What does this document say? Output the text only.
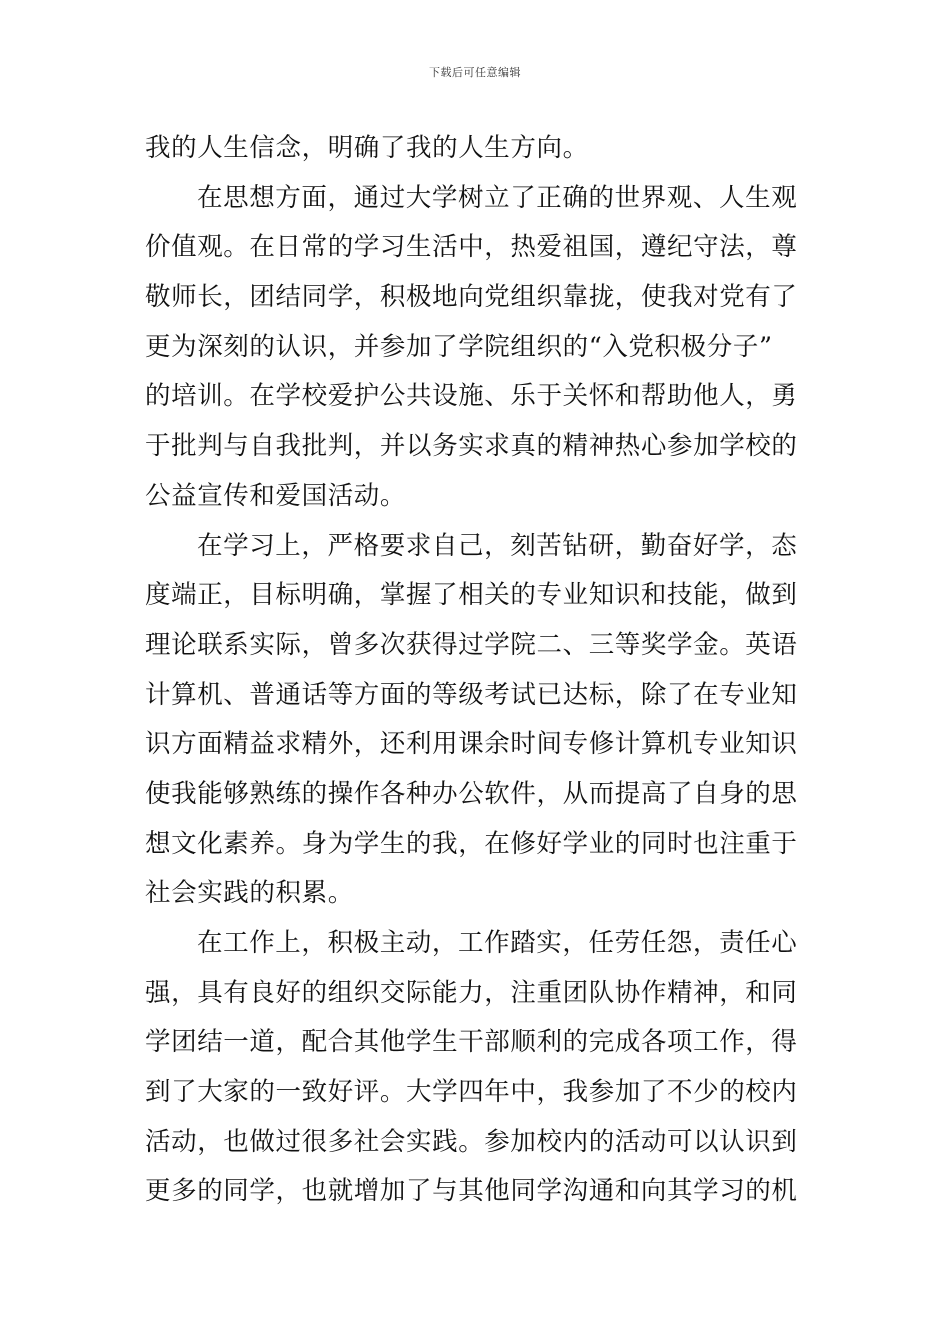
下载后可任意编辑
我的人生信念，明确了我的人生方向。
在思想方面，通过大学树立了正确的世界观、人生观
价值观。在日常的学习生活中，热爱祖国，遵纪守法，尊
敬师长，团结同学，积极地向党组织靠拢，使我对党有了
更为深刻的认识，并参加了学院组织的“入党积极分子”
的培训。在学校爱护公共设施、乐于关怀和帮助他人，勇
于批判与自我批判，并以务实求真的精神热心参加学校的
公益宣传和爱国活动。
在学习上，严格要求自己，刻苦钻研，勤奋好学，态
度端正，目标明确，掌握了相关的专业知识和技能，做到
理论联系实际，曾多次获得过学院二、三等奖学金。英语
计算机、普通话等方面的等级考试已达标，除了在专业知
识方面精益求精外，还利用课余时间专修计算机专业知识
使我能够熟练的操作各种办公软件，从而提高了自身的思
想文化素养。身为学生的我，在修好学业的同时也注重于
社会实践的积累。
在工作上，积极主动，工作踏实，任劳任怨，责任心
强，具有良好的组织交际能力，注重团队协作精神，和同
学团结一道，配合其他学生干部顺利的完成各项工作，得
到了大家的一致好评。大学四年中，我参加了不少的校内
活动，也做过很多社会实践。参加校内的活动可以认识到
更多的同学，也就增加了与其他同学沟通和向其学习的机
